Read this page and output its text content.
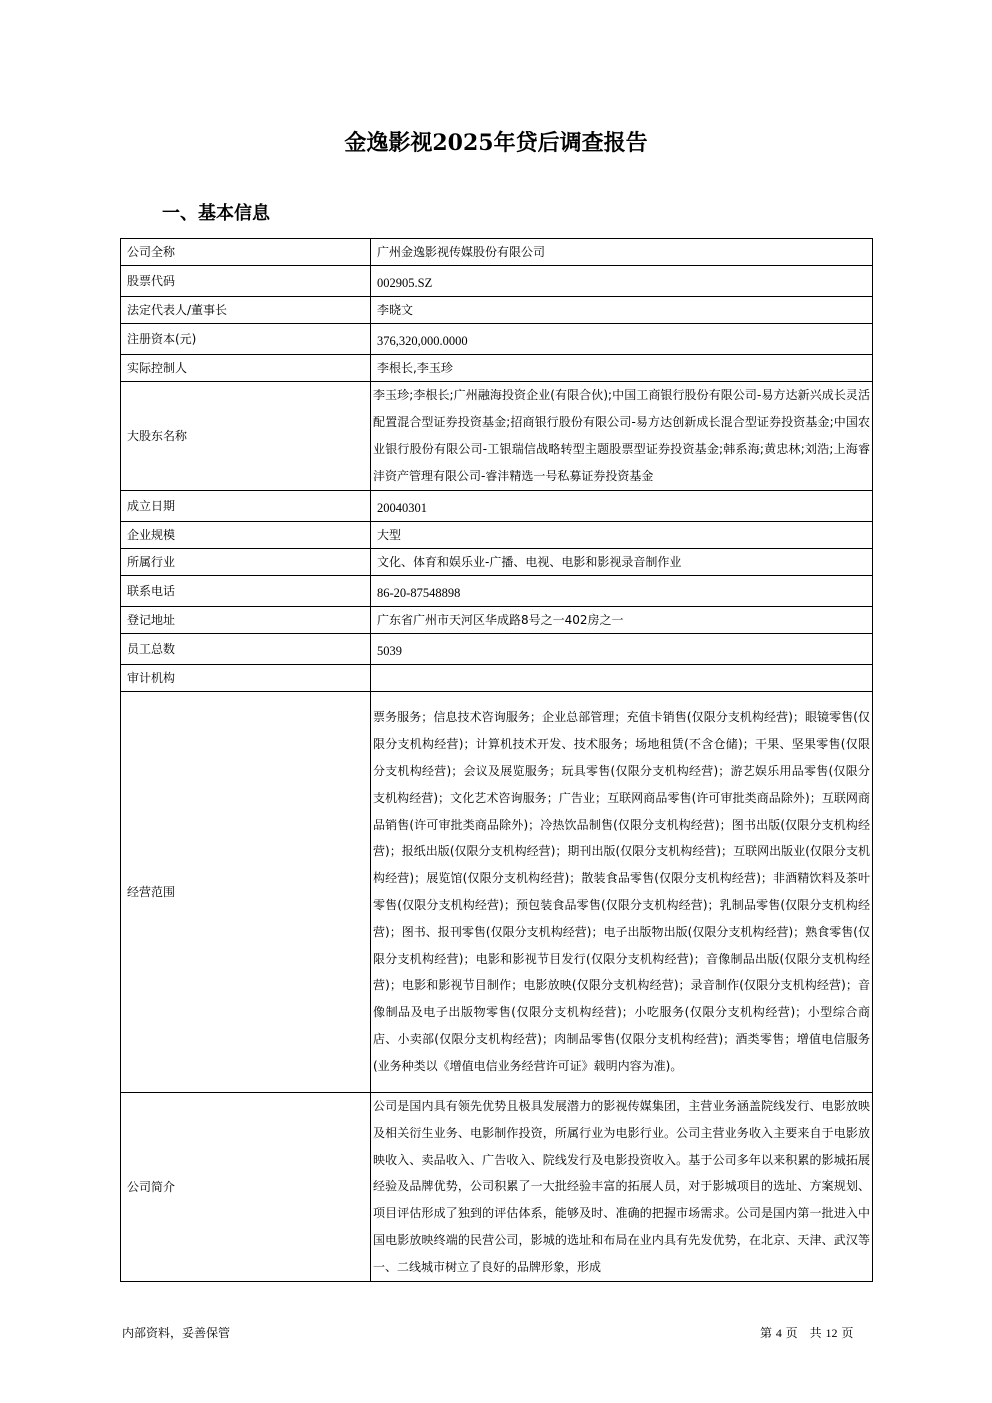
金逸影视2025年贷后调查报告
一、基本信息
公司全称	广州金逸影视传媒股份有限公司
股票代码	002905.SZ
法定代表人/董事长	李晓文
注册资本(元)	376,320,000.0000
实际控制人	李根长,李玉珍
大股东名称	李玉珍;李根长;广州融海投资企业(有限合伙);中国工商银行股份有限公司-易方达新兴成长灵活配置混合型证券投资基金;招商银行股份有限公司-易方达创新成长混合型证券投资基金;中国农业银行股份有限公司-工银瑞信战略转型主题股票型证券投资基金;韩系海;黄忠林;刘浩;上海睿沣资产管理有限公司-睿沣精选一号私募证券投资基金
成立日期	20040301
企业规模	大型
所属行业	文化、体育和娱乐业-广播、电视、电影和影视录音制作业
联系电话	86-20-87548898
登记地址	广东省广州市天河区华成路8号之一402房之一
员工总数	5039
审计机构	
经营范围	票务服务；信息技术咨询服务；企业总部管理；充值卡销售(仅限分支机构经营)；眼镜零售(仅限分支机构经营)；计算机技术开发、技术服务；场地租赁(不含仓储)；干果、坚果零售(仅限分支机构经营)；会议及展览服务；玩具零售(仅限分支机构经营)；游艺娱乐用品零售(仅限分支机构经营)；文化艺术咨询服务；广告业；互联网商品零售(许可审批类商品除外)；互联网商品销售(许可审批类商品除外)；冷热饮品制售(仅限分支机构经营)；图书出版(仅限分支机构经营)；报纸出版(仅限分支机构经营)；期刊出版(仅限分支机构经营)；互联网出版业(仅限分支机构经营)；展览馆(仅限分支机构经营)；散装食品零售(仅限分支机构经营)；非酒精饮料及茶叶零售(仅限分支机构经营)；预包装食品零售(仅限分支机构经营)；乳制品零售(仅限分支机构经营)；图书、报刊零售(仅限分支机构经营)；电子出版物出版(仅限分支机构经营)；熟食零售(仅限分支机构经营)；电影和影视节目发行(仅限分支机构经营)；音像制品出版(仅限分支机构经营)；电影和影视节目制作；电影放映(仅限分支机构经营)；录音制作(仅限分支机构经营)；音像制品及电子出版物零售(仅限分支机构经营)；小吃服务(仅限分支机构经营)；小型综合商店、小卖部(仅限分支机构经营)；肉制品零售(仅限分支机构经营)；酒类零售；增值电信服务(业务种类以《增值电信业务经营许可证》载明内容为准)。
公司简介	公司是国内具有领先优势且极具发展潜力的影视传媒集团，主营业务涵盖院线发行、电影放映及相关衍生业务、电影制作投资，所属行业为电影行业。公司主营业务收入主要来自于电影放映收入、卖品收入、广告收入、院线发行及电影投资收入。基于公司多年以来积累的影城拓展经验及品牌优势，公司积累了一大批经验丰富的拓展人员，对于影城项目的选址、方案规划、项目评估形成了独到的评估体系，能够及时、准确的把握市场需求。公司是国内第一批进入中国电影放映终端的民营公司，影城的选址和布局在业内具有先发优势，在北京、天津、武汉等一、二线城市树立了良好的品牌形象，形成
内部资料，妥善保管	第 4 页　共 12 页
